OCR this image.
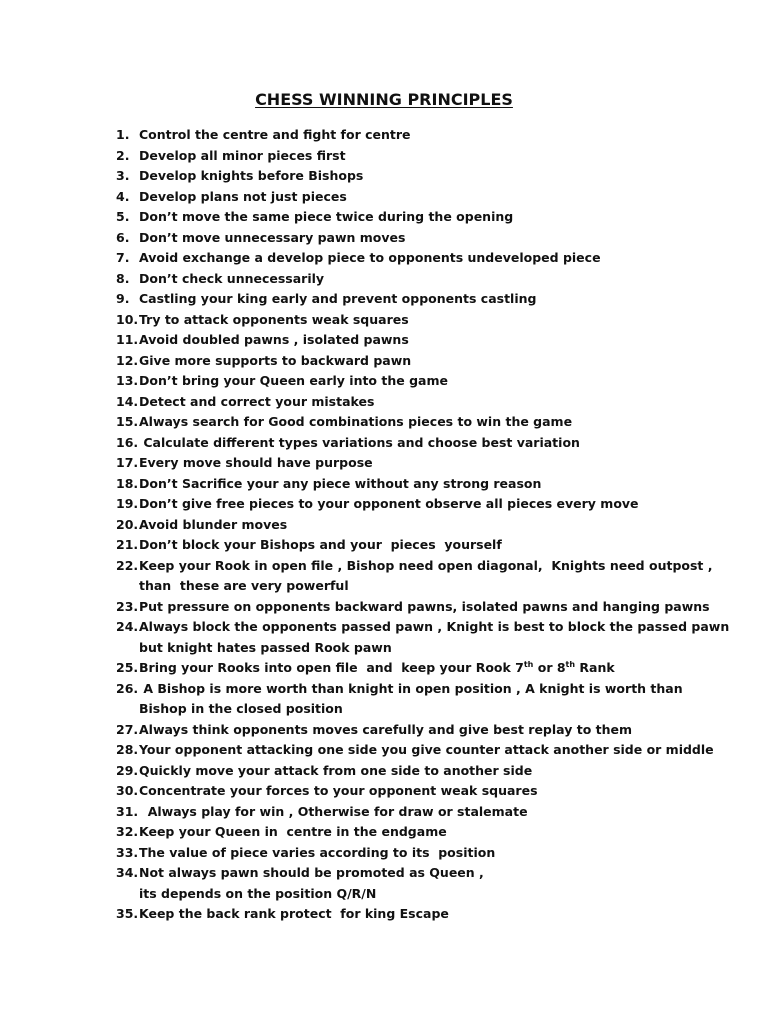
CHESS WINNING PRINCIPLES
1. Control the centre and fight for centre
2. Develop all minor pieces first
3. Develop knights before Bishops
4. Develop plans not just pieces
5. Don’t move the same piece twice during the opening
6. Don’t move unnecessary pawn moves
7. Avoid exchange a develop piece to opponents undeveloped piece
8. Don’t check unnecessarily
9. Castling your king early and prevent opponents castling
10. Try to attack opponents weak squares
11. Avoid doubled pawns , isolated pawns
12. Give more supports to backward pawn
13. Don’t bring your Queen early into the game
14. Detect and correct your mistakes
15. Always search for Good combinations pieces to win the game
16. Calculate different types variations and choose best variation
17. Every move should have purpose
18. Don’t Sacrifice your any piece without any strong reason
19. Don’t give free pieces to your opponent observe all pieces every move
20. Avoid blunder moves
21. Don’t block your Bishops and your  pieces  yourself
22. Keep your Rook in open file , Bishop need open diagonal,  Knights need outpost ,
than  these are very powerful
23. Put pressure on opponents backward pawns, isolated pawns and hanging pawns
24. Always block the opponents passed pawn , Knight is best to block the passed pawn
but knight hates passed Rook pawn
25. Bring your Rooks into open file  and  keep your Rook 7th or 8th Rank
26. A Bishop is more worth than knight in open position , A knight is worth than
Bishop in the closed position
27. Always think opponents moves carefully and give best replay to them
28. Your opponent attacking one side you give counter attack another side or middle
29. Quickly move your attack from one side to another side
30. Concentrate your forces to your opponent weak squares
31. Always play for win , Otherwise for draw or stalemate
32. Keep your Queen in  centre in the endgame
33. The value of piece varies according to its  position
34. Not always pawn should be promoted as Queen ,
its depends on the position Q/R/N
35. Keep the back rank protect  for king Escape
